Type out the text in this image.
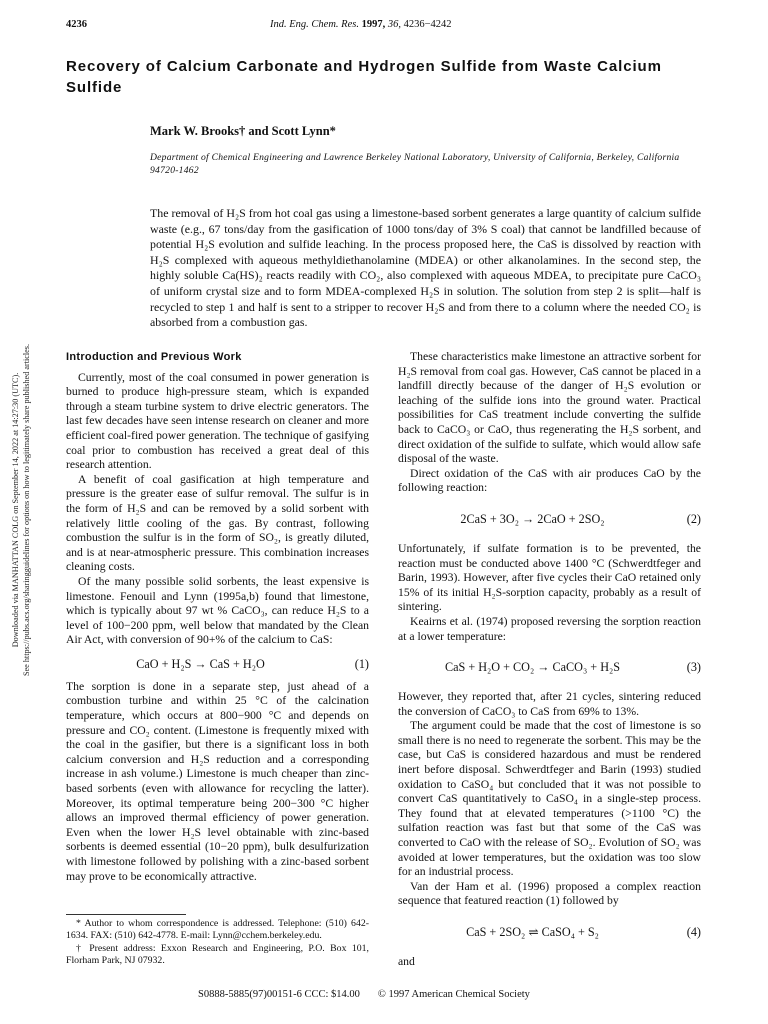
4236	Ind. Eng. Chem. Res. 1997, 36, 4236−4242
Downloaded via MANHATTAN COLG on September 14, 2022 at 14:27:30 (UTC). See https://pubs.acs.org/sharingguidelines for options on how to legitimately share published articles.
Recovery of Calcium Carbonate and Hydrogen Sulfide from Waste Calcium Sulfide
Mark W. Brooks† and Scott Lynn*
Department of Chemical Engineering and Lawrence Berkeley National Laboratory, University of California, Berkeley, California 94720-1462

The removal of H₂S from hot coal gas using a limestone-based sorbent generates a large quantity of calcium sulfide waste (e.g., 67 tons/day from the gasification of 1000 tons/day of 3% S coal) that cannot be landfilled because of potential H₂S evolution and sulfide leaching. In the process proposed here, the CaS is dissolved by reaction with H₂S complexed with aqueous methyldiethanolamine (MDEA) or other alkanolamines. In the second step, the highly soluble Ca(HS)₂ reacts readily with CO₂, also complexed with aqueous MDEA, to precipitate pure CaCO₃ of uniform crystal size and to form MDEA-complexed H₂S in solution. The solution from step 2 is split—half is recycled to step 1 and half is sent to a stripper to recover H₂S and from there to a column where the needed CO₂ is absorbed from a combustion gas.

Introduction and Previous Work

Currently, most of the coal consumed in power generation is burned to produce high-pressure steam, which is expanded through a steam turbine system to drive electric generators. The last few decades have seen intense research on cleaner and more efficient coal-fired power generation. The technique of gasifying coal prior to combustion has received a great deal of this research attention.

A benefit of coal gasification at high temperature and pressure is the greater ease of sulfur removal. The sulfur is in the form of H₂S and can be removed by a solid sorbent with relatively little cooling of the gas. By contrast, following combustion the sulfur is in the form of SO₂, is greatly diluted, and is at near-atmospheric pressure. This combination increases cleaning costs.

Of the many possible solid sorbents, the least expensive is limestone. Fenouil and Lynn (1995a,b) found that limestone, which is typically about 97 wt % CaCO₃, can reduce H₂S to a level of 100−200 ppm, well below that mandated by the Clean Air Act, with conversion of 90+% of the calcium to CaS:

CaO + H₂S → CaS + H₂O	(1)

The sorption is done in a separate step, just ahead of a combustion turbine and within 25 °C of the calcination temperature, which occurs at 800−900 °C and depends on pressure and CO₂ content. (Limestone is frequently mixed with the coal in the gasifier, but there is a significant loss in both calcium conversion and H₂S reduction and a corresponding increase in ash volume.) Limestone is much cheaper than zinc-based sorbents (even with allowance for recycling the latter). Moreover, its optimal temperature being 200−300 °C higher allows an improved thermal efficiency of power generation. Even when the lower H₂S level obtainable with zinc-based sorbents is deemed essential (10−20 ppm), bulk desulfurization with limestone followed by polishing with a zinc-based sorbent may prove to be economically attractive.

These characteristics make limestone an attractive sorbent for H₂S removal from coal gas. However, CaS cannot be placed in a landfill directly because of the danger of H₂S evolution or leaching of the sulfide ions into the ground water. Practical possibilities for CaS treatment include converting the sulfide back to CaCO₃ or CaO, thus regenerating the H₂S sorbent, and direct oxidation of the sulfide to sulfate, which would allow safe disposal of the waste.

Direct oxidation of the CaS with air produces CaO by the following reaction:

2CaS + 3O₂ → 2CaO + 2SO₂	(2)

Unfortunately, if sulfate formation is to be prevented, the reaction must be conducted above 1400 °C (Schwerdtfeger and Barin, 1993). However, after five cycles their CaO retained only 15% of its initial H₂S-sorption capacity, probably as a result of sintering.

Keairns et al. (1974) proposed reversing the sorption reaction at a lower temperature:

CaS + H₂O + CO₂ → CaCO₃ + H₂S	(3)

However, they reported that, after 21 cycles, sintering reduced the conversion of CaCO₃ to CaS from 69% to 13%.

The argument could be made that the cost of limestone is so small there is no need to regenerate the sorbent. This may be the case, but CaS is considered hazardous and must be rendered inert before disposal. Schwerdtfeger and Barin (1993) studied oxidation to CaSO₄ but concluded that it was not possible to convert CaS quantitatively to CaSO₄ in a single-step process. They found that at elevated temperatures (>1100 °C) the sulfation reaction was fast but that some of the CaS was converted to CaO with the release of SO₂. Evolution of SO₂ was avoided at lower temperatures, but the oxidation was too slow for an industrial process.

Van der Ham et al. (1996) proposed a complex reaction sequence that featured reaction (1) followed by

CaS + 2SO₂ ⇌ CaSO₄ + S₂	(4)

and

* Author to whom correspondence is addressed. Telephone: (510) 642-1634. FAX: (510) 642-4778. E-mail: Lynn@cchem.berkeley.edu.

† Present address: Exxon Research and Engineering, P.O. Box 101, Florham Park, NJ 07932.

S0888-5885(97)00151-6 CCC: $14.00 © 1997 American Chemical Society
